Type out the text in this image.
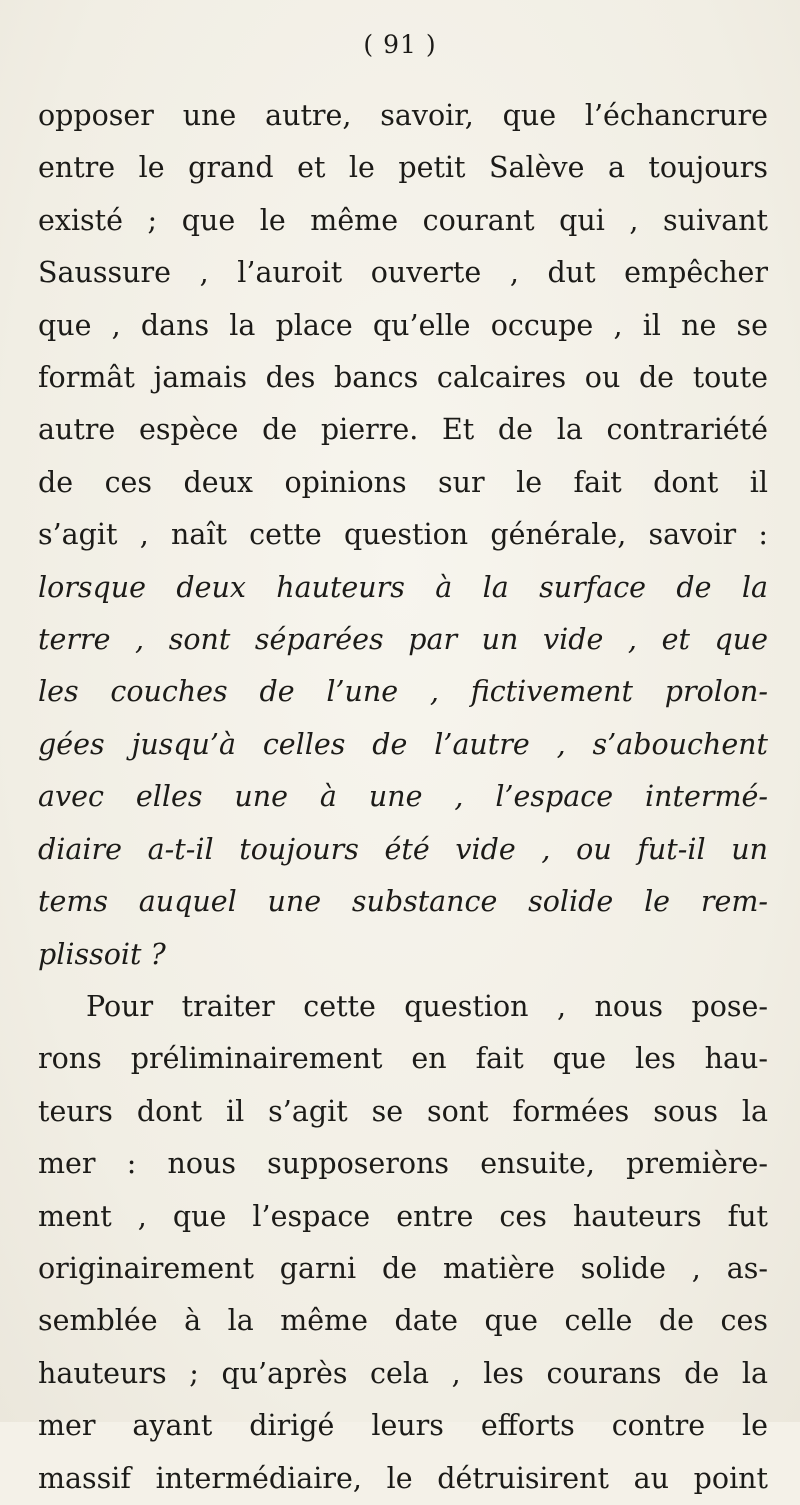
( 91 )
opposer une autre, savoir, que l’échancrure
entre le grand et le petit Salève a toujours
existé ; que le même courant qui , suivant
Saussure , l’auroit ouverte , dut empêcher
que , dans la place qu’elle occupe , il ne se
formât jamais des bancs calcaires ou de toute
autre espèce de pierre. Et de la contrariété
de ces deux opinions sur le fait dont il
s’agit , naît cette question générale, savoir :
lorsque deux hauteurs à la surface de la
terre , sont séparées par un vide , et que
les couches de l’une , fictivement prolon-
gées jusqu’à celles de l’autre , s’abouchent
avec elles une à une , l’espace intermé-
diaire a-t-il toujours été vide , ou fut-il un
tems auquel une substance solide le rem-
plissoit ?
Pour traiter cette question , nous pose-
rons préliminairement en fait que les hau-
teurs dont il s’agit se sont formées sous la
mer : nous supposerons ensuite, première-
ment , que l’espace entre ces hauteurs fut
originairement garni de matière solide , as-
semblée à la même date que celle de ces
hauteurs ; qu’après cela , les courans de la
mer ayant dirigé leurs efforts contre le
massif intermédiaire, le détruisirent au point
